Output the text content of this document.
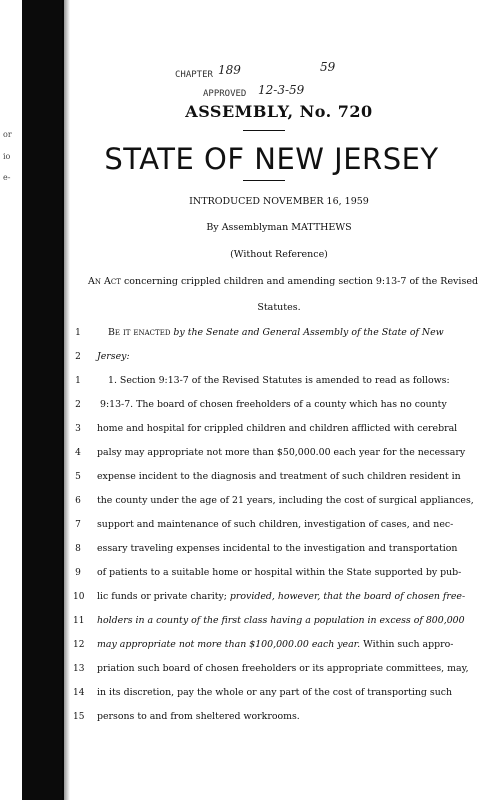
or
io
e-
CHAPTER 189	59
APPROVED 12-3-59
ASSEMBLY, No. 720
STATE OF NEW JERSEY
INTRODUCED NOVEMBER 16, 1959
By Assemblyman MATTHEWS
(Without Reference)
An Act concerning crippled children and amending section 9:13-7 of the Revised
Statutes.
1	Be it enacted by the Senate and General Assembly of the State of New
2 Jersey:
1	1. Section 9:13-7 of the Revised Statutes is amended to read as follows:
2 9:13-7. The board of chosen freeholders of a county which has no county
3 home and hospital for crippled children and children afflicted with cerebral
4 palsy may appropriate not more than $50,000.00 each year for the necessary
5 expense incident to the diagnosis and treatment of such children resident in
6 the county under the age of 21 years, including the cost of surgical appliances,
7 support and maintenance of such children, investigation of cases, and nec-
8 essary traveling expenses incidental to the investigation and transportation
9 of patients to a suitable home or hospital within the State supported by pub-
10 lic funds or private charity; provided, however, that the board of chosen free-
11 holders in a county of the first class having a population in excess of 800,000
12 may appropriate not more than $100,000.00 each year. Within such appro-
13 priation such board of chosen freeholders or its appropriate committees, may,
14 in its discretion, pay the whole or any part of the cost of transporting such
15 persons to and from sheltered workrooms.
